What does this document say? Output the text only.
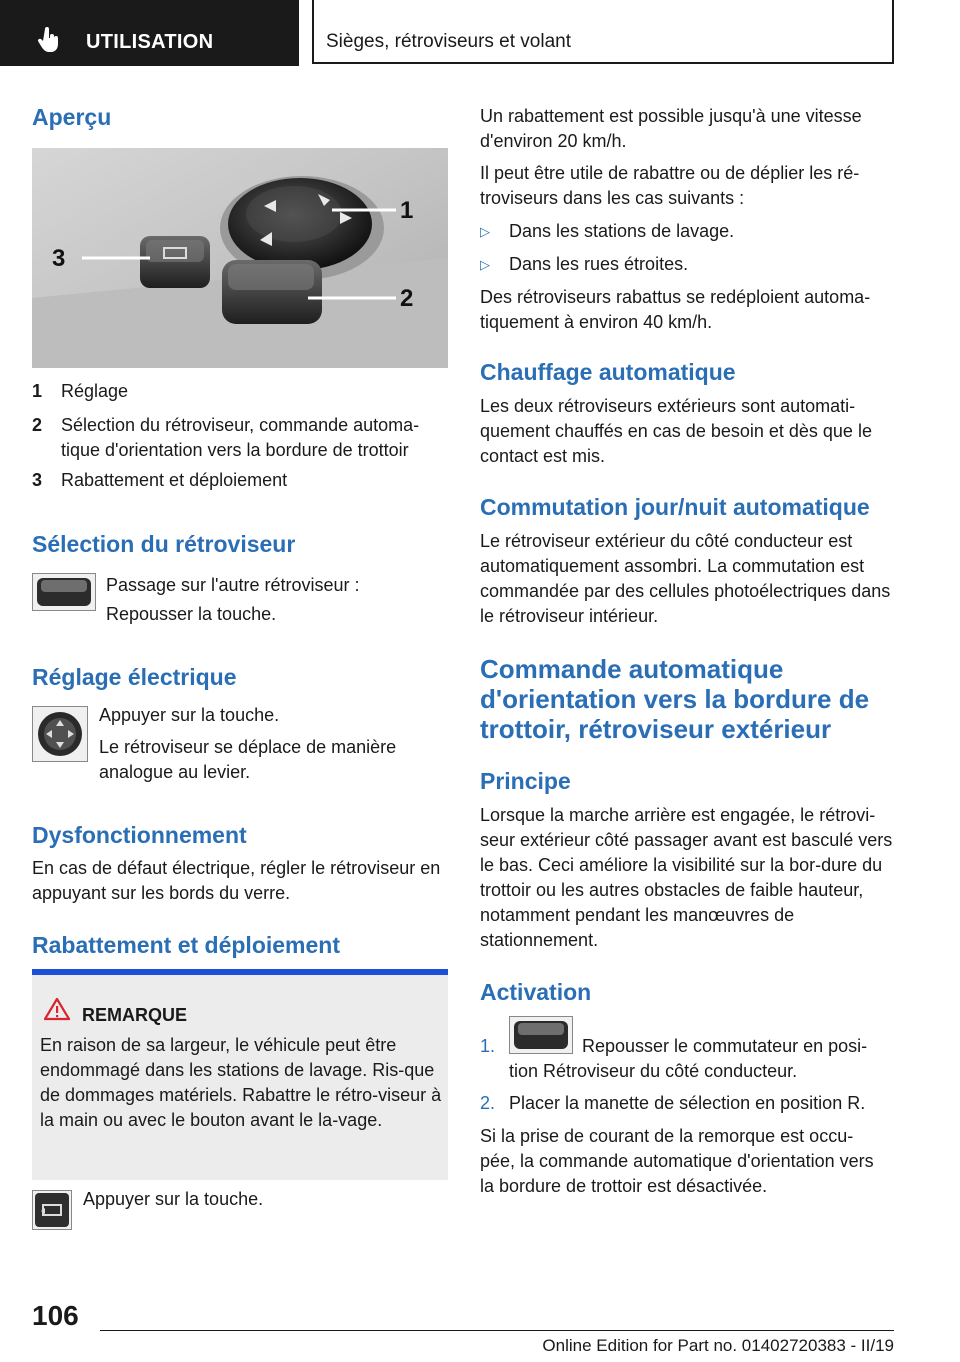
UTILISATION	Sièges, rétroviseurs et volant
Aperçu
3
1
2
1 Réglage
2 Sélection du rétroviseur, commande automa-tique d'orientation vers la bordure de trottoir
3 Rabattement et déploiement
Sélection du rétroviseur
Passage sur l'autre rétroviseur :
Repousser la touche.
Réglage électrique
Appuyer sur la touche.
Le rétroviseur se déplace de manière analogue au levier.
Dysfonctionnement
En cas de défaut électrique, régler le rétroviseur en appuyant sur les bords du verre.
Rabattement et déploiement
REMARQUE
En raison de sa largeur, le véhicule peut être endommagé dans les stations de lavage. Ris-que de dommages matériels. Rabattre le rétro-viseur à la main ou avec le bouton avant le la-vage.
Appuyer sur la touche.
Un rabattement est possible jusqu'à une vitesse d'environ 20 km/h.
Il peut être utile de rabattre ou de déplier les ré-troviseurs dans les cas suivants :
▷ Dans les stations de lavage.
▷ Dans les rues étroites.
Des rétroviseurs rabattus se redéploient automa-tiquement à environ 40 km/h.
Chauffage automatique
Les deux rétroviseurs extérieurs sont automati-quement chauffés en cas de besoin et dès que le contact est mis.
Commutation jour/nuit automatique
Le rétroviseur extérieur du côté conducteur est automatiquement assombri. La commutation est commandée par des cellules photoélectriques dans le rétroviseur intérieur.
Commande automatique d'orientation vers la bordure de trottoir, rétroviseur extérieur
Principe
Lorsque la marche arrière est engagée, le rétrovi-seur extérieur côté passager avant est basculé vers le bas. Ceci améliore la visibilité sur la bor-dure du trottoir ou les autres obstacles de faible hauteur, notamment pendant les manœuvres de stationnement.
Activation
1.	Repousser le commutateur en posi-
tion Rétroviseur du côté conducteur.
2. Placer la manette de sélection en position R.
Si la prise de courant de la remorque est occu-pée, la commande automatique d'orientation vers la bordure de trottoir est désactivée.
106
Online Edition for Part no. 01402720383 - II/19
